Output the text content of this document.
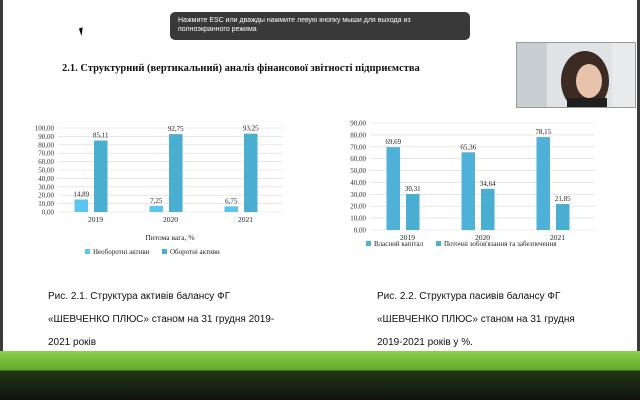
Нажмите ESC или дважды нажмите левую кнопку мыши для выхода из полноэкранного режима
2.1. Структурний (вертикальний) аналіз фінансової звітності підприємства
0,00
10,00
20,00
30,00
40,00
50,00
60,00
70,00
80,00
90,00
100,00
14,89
85,11
2019
7,25
92,75
2020
6,75
93,25
2021
Питома вага, %
Необоротні активи	Оборотні активи
0,00
10,00
20,00
30,00
40,00
50,00
60,00
70,00
80,00
90,00
69,69
30,31
2019
65,36
34,64
2020
78,15
21,85
2021
Власний капітал	Поточні зобов'язання та забезпечення
Рис. 2.1. Структура активів балансу ФГ
«ШЕВЧЕНКО ПЛЮС» станом на 31 грудня 2019-
2021 років
Рис. 2.2. Структура пасивів балансу ФГ
«ШЕВЧЕНКО ПЛЮС» станом на 31 грудня
2019-2021 років у %.
